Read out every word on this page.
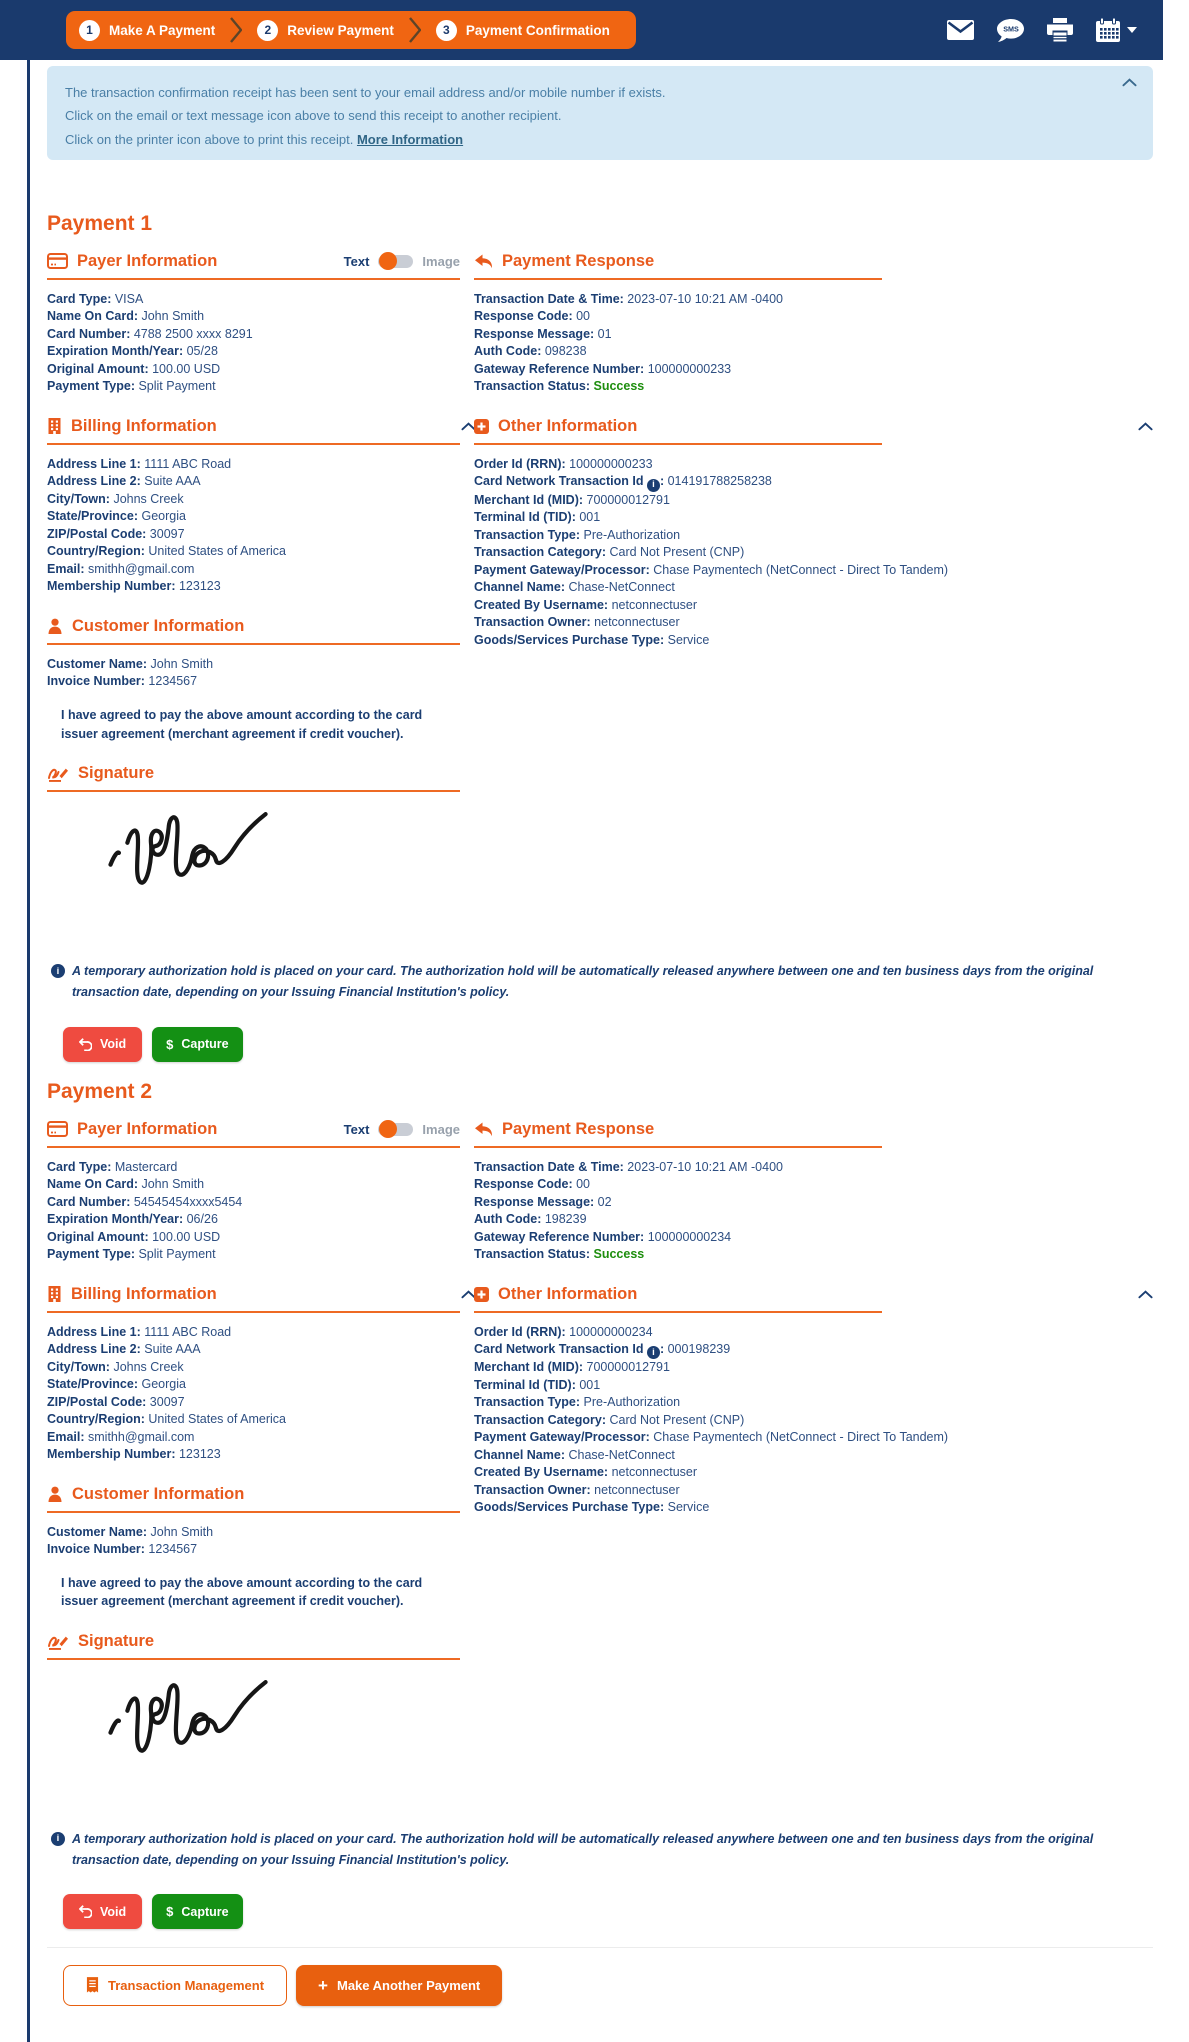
1	Make A Payment	2	Review Payment	3	Payment Confirmation	SMS

The transaction confirmation receipt has been sent to your email address and/or mobile number if exists.

Click on the email or text message icon above to send this receipt to another recipient.

Click on the printer icon above to print this receipt. More Information

Payment 1
Payer Information	Text	Image
Card Type: VISA
Name On Card: John Smith
Card Number: 4788 2500 xxxx 8291
Expiration Month/Year: 05/28
Original Amount: 100.00 USD
Payment Type: Split Payment
Billing Information
Address Line 1: 1111 ABC Road
Address Line 2: Suite AAA
City/Town: Johns Creek
State/Province: Georgia
ZIP/Postal Code: 30097
Country/Region: United States of America
Email: smithh@gmail.com
Membership Number: 123123
Customer Information
Customer Name: John Smith
Invoice Number: 1234567

I have agreed to pay the above amount according to the card issuer agreement (merchant agreement if credit voucher).

Signature
Payment Response
Transaction Date & Time: 2023-07-10 10:21 AM -0400
Response Code: 00
Response Message: 01
Auth Code: 098238
Gateway Reference Number: 100000000233
Transaction Status: Success
Other Information
Order Id (RRN): 100000000233
Card Network Transaction Id i : 014191788258238
Merchant Id (MID): 700000012791
Terminal Id (TID): 001
Transaction Type: Pre-Authorization
Transaction Category: Card Not Present (CNP)
Payment Gateway/Processor: Chase Paymentech (NetConnect - Direct To Tandem)
Channel Name: Chase-NetConnect
Created By Username: netconnectuser
Transaction Owner: netconnectuser
Goods/Services Purchase Type: Service

i	A temporary authorization hold is placed on your card. The authorization hold will be automatically released anywhere between one and ten business days from the original transaction date, depending on your Issuing Financial Institution's policy.

Void	$ Capture
Payment 2
Payer Information	Text	Image
Card Type: Mastercard
Name On Card: John Smith
Card Number: 54545454xxxx5454
Expiration Month/Year: 06/26
Original Amount: 100.00 USD
Payment Type: Split Payment
Billing Information
Address Line 1: 1111 ABC Road
Address Line 2: Suite AAA
City/Town: Johns Creek
State/Province: Georgia
ZIP/Postal Code: 30097
Country/Region: United States of America
Email: smithh@gmail.com
Membership Number: 123123
Customer Information
Customer Name: John Smith
Invoice Number: 1234567

I have agreed to pay the above amount according to the card issuer agreement (merchant agreement if credit voucher).

Signature
Payment Response
Transaction Date & Time: 2023-07-10 10:21 AM -0400
Response Code: 00
Response Message: 02
Auth Code: 198239
Gateway Reference Number: 100000000234
Transaction Status: Success
Other Information
Order Id (RRN): 100000000234
Card Network Transaction Id i : 000198239
Merchant Id (MID): 700000012791
Terminal Id (TID): 001
Transaction Type: Pre-Authorization
Transaction Category: Card Not Present (CNP)
Payment Gateway/Processor: Chase Paymentech (NetConnect - Direct To Tandem)
Channel Name: Chase-NetConnect
Created By Username: netconnectuser
Transaction Owner: netconnectuser
Goods/Services Purchase Type: Service

i	A temporary authorization hold is placed on your card. The authorization hold will be automatically released anywhere between one and ten business days from the original transaction date, depending on your Issuing Financial Institution's policy.

Void	$ Capture
Transaction Management	+ Make Another Payment
